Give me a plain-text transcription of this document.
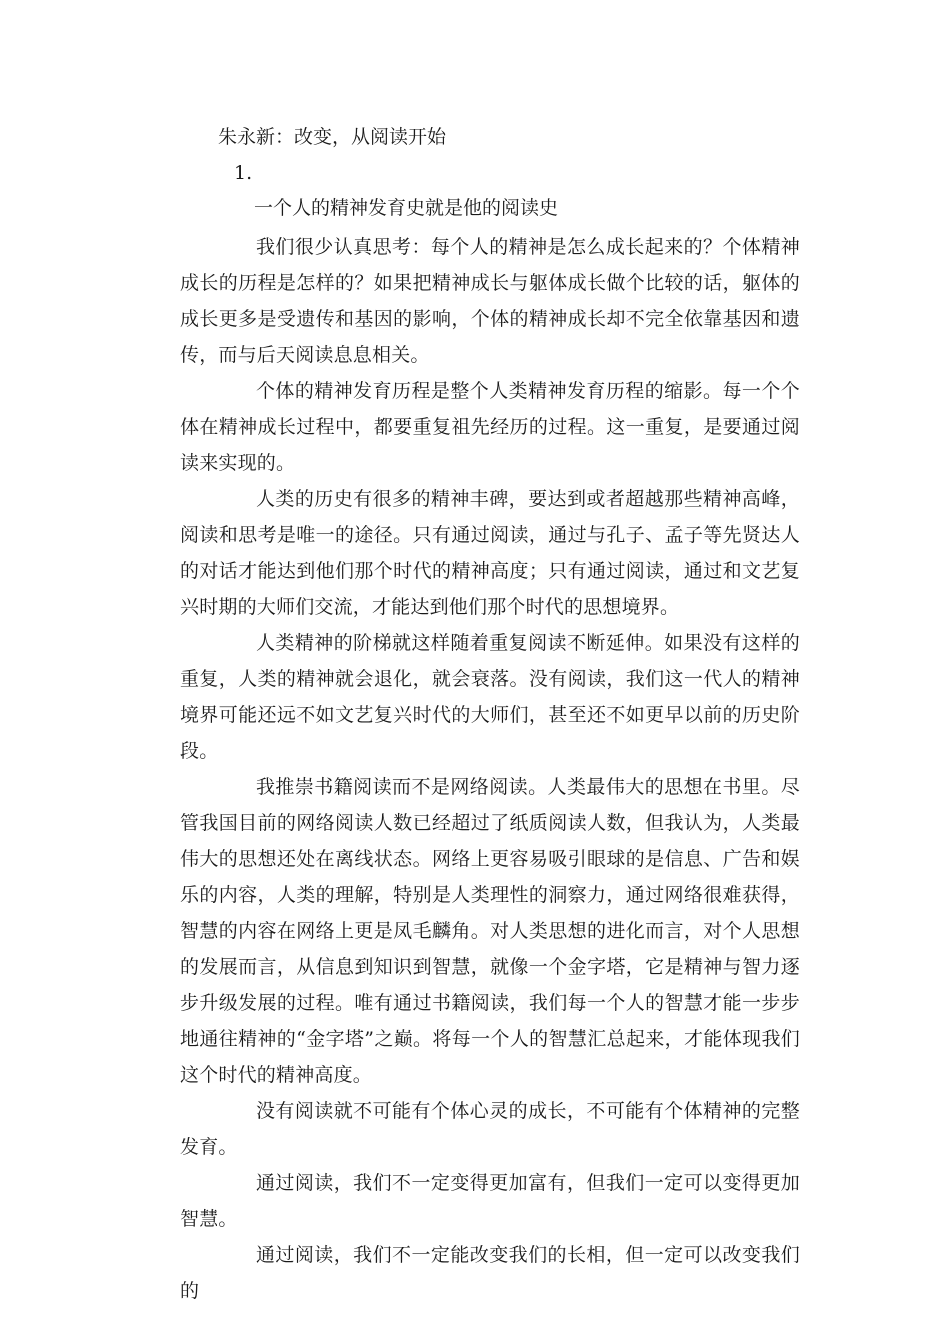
朱永新：改变，从阅读开始
1.
一个人的精神发育史就是他的阅读史

我们很少认真思考：每个人的精神是怎么成长起来的？个体精神成长的历程是怎样的？如果把精神成长与躯体成长做个比较的话，躯体的成长更多是受遗传和基因的影响，个体的精神成长却不完全依靠基因和遗传，而与后天阅读息息相关。

个体的精神发育历程是整个人类精神发育历程的缩影。每一个个体在精神成长过程中，都要重复祖先经历的过程。这一重复，是要通过阅读来实现的。

人类的历史有很多的精神丰碑，要达到或者超越那些精神高峰，阅读和思考是唯一的途径。只有通过阅读，通过与孔子、孟子等先贤达人的对话才能达到他们那个时代的精神高度；只有通过阅读，通过和文艺复兴时期的大师们交流，才能达到他们那个时代的思想境界。

人类精神的阶梯就这样随着重复阅读不断延伸。如果没有这样的重复，人类的精神就会退化，就会衰落。没有阅读，我们这一代人的精神境界可能还远不如文艺复兴时代的大师们，甚至还不如更早以前的历史阶段。

我推崇书籍阅读而不是网络阅读。人类最伟大的思想在书里。尽管我国目前的网络阅读人数已经超过了纸质阅读人数，但我认为，人类最伟大的思想还处在离线状态。网络上更容易吸引眼球的是信息、广告和娱乐的内容，人类的理解，特别是人类理性的洞察力，通过网络很难获得，智慧的内容在网络上更是凤毛麟角。对人类思想的进化而言，对个人思想的发展而言，从信息到知识到智慧，就像一个金字塔，它是精神与智力逐步升级发展的过程。唯有通过书籍阅读，我们每一个人的智慧才能一步步地通往精神的“金字塔”之巅。将每一个人的智慧汇总起来，才能体现我们这个时代的精神高度。

没有阅读就不可能有个体心灵的成长，不可能有个体精神的完整发育。

通过阅读，我们不一定变得更加富有，但我们一定可以变得更加智慧。

通过阅读，我们不一定能改变我们的长相，但一定可以改变我们的
